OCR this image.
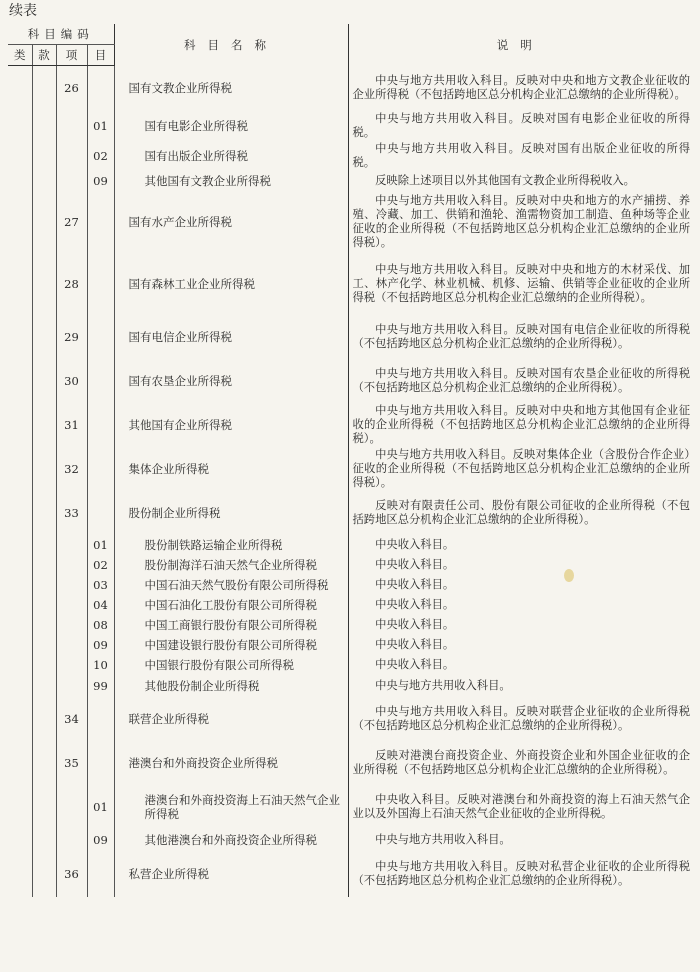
续表
科目编码				科目名称	说明
类	款	项	目		
		26		国有文教企业所得税	中央与地方共用收入科目。反映对中央和地方文教企业征收的企业所得税（不包括跨地区总分机构企业汇总缴纳的企业所得税）。
			01	国有电影企业所得税	中央与地方共用收入科目。反映对国有电影企业征收的所得税。
			02	国有出版企业所得税	中央与地方共用收入科目。反映对国有出版企业征收的所得税。
			09	其他国有文教企业所得税	反映除上述项目以外其他国有文教企业所得税收入。
		27		国有水产企业所得税	中央与地方共用收入科目。反映对中央和地方的水产捕捞、养殖、冷藏、加工、供销和渔轮、渔需物资加工制造、鱼种场等企业征收的企业所得税（不包括跨地区总分机构企业汇总缴纳的企业所得税）。
		28		国有森林工业企业所得税	中央与地方共用收入科目。反映对中央和地方的木材采伐、加工、林产化学、林业机械、机修、运输、供销等企业征收的企业所得税（不包括跨地区总分机构企业汇总缴纳的企业所得税）。
		29		国有电信企业所得税	中央与地方共用收入科目。反映对国有电信企业征收的所得税（不包括跨地区总分机构企业汇总缴纳的企业所得税）。
		30		国有农垦企业所得税	中央与地方共用收入科目。反映对国有农垦企业征收的所得税（不包括跨地区总分机构企业汇总缴纳的企业所得税）。
		31		其他国有企业所得税	中央与地方共用收入科目。反映对中央和地方其他国有企业征收的企业所得税（不包括跨地区总分机构企业汇总缴纳的企业所得税）。
		32		集体企业所得税	中央与地方共用收入科目。反映对集体企业（含股份合作企业）征收的企业所得税（不包括跨地区总分机构企业汇总缴纳的企业所得税）。
		33		股份制企业所得税	反映对有限责任公司、股份有限公司征收的企业所得税（不包括跨地区总分机构企业汇总缴纳的企业所得税）。
			01	股份制铁路运输企业所得税	中央收入科目。
			02	股份制海洋石油天然气企业所得税	中央收入科目。
			03	中国石油天然气股份有限公司所得税	中央收入科目。
			04	中国石油化工股份有限公司所得税	中央收入科目。
			08	中国工商银行股份有限公司所得税	中央收入科目。
			09	中国建设银行股份有限公司所得税	中央收入科目。
			10	中国银行股份有限公司所得税	中央收入科目。
			99	其他股份制企业所得税	中央与地方共用收入科目。
		34		联营企业所得税	中央与地方共用收入科目。反映对联营企业征收的企业所得税（不包括跨地区总分机构企业汇总缴纳的企业所得税）。
		35		港澳台和外商投资企业所得税	反映对港澳台商投资企业、外商投资企业和外国企业征收的企业所得税（不包括跨地区总分机构企业汇总缴纳的企业所得税）。
			01	港澳台和外商投资海上石油天然气企业所得税	中央收入科目。反映对港澳台和外商投资的海上石油天然气企业以及外国海上石油天然气企业征收的企业所得税。
			09	其他港澳台和外商投资企业所得税	中央与地方共用收入科目。
		36		私营企业所得税	中央与地方共用收入科目。反映对私营企业征收的企业所得税（不包括跨地区总分机构企业汇总缴纳的企业所得税）。
